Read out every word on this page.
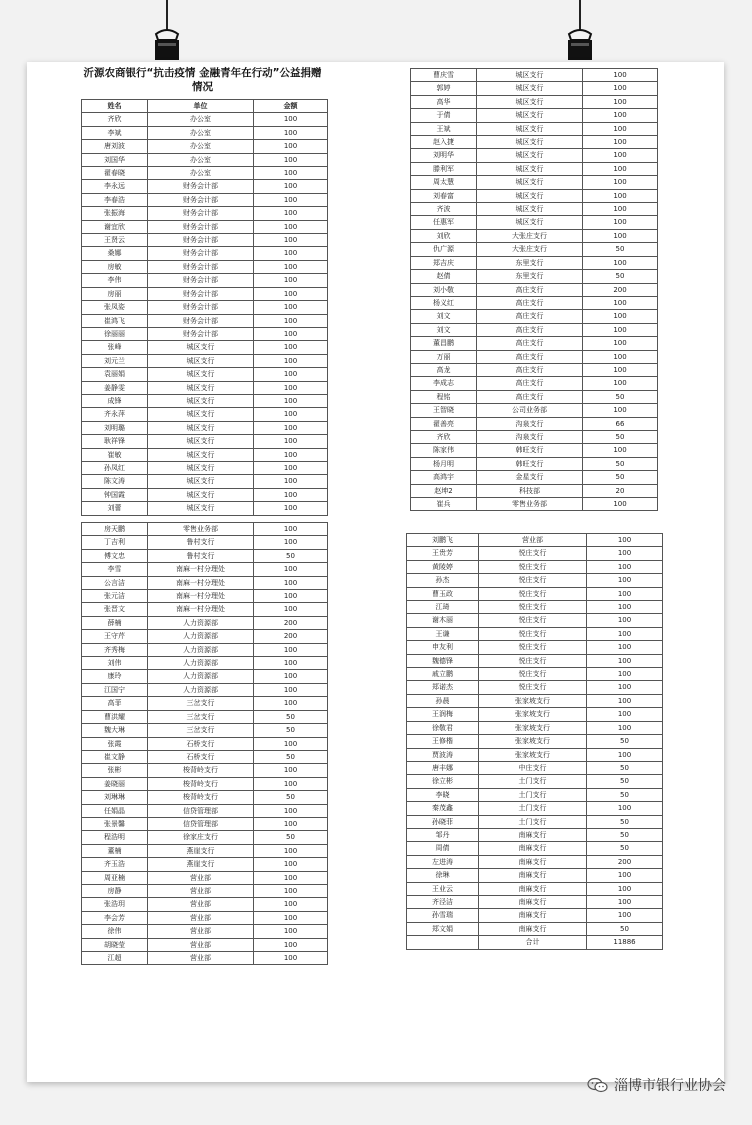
沂源农商银行“抗击疫情 金融青年在行动”公益捐赠情况
姓名	单位	金额
齐欣	办公室	100
李斌	办公室	100
唐刘波	办公室	100
刘国华	办公室	100
翟春晓	办公室	100
李永远	财务会计部	100
李春浩	财务会计部	100
张振海	财务会计部	100
谢宜欣	财务会计部	100
王贤云	财务会计部	100
桑娜	财务会计部	100
房敏	财务会计部	100
李伟	财务会计部	100
房丽	财务会计部	100
张凤姿	财务会计部	100
崔鸿飞	财务会计部	100
徐丽丽	财务会计部	100
张峰	城区支行	100
刘元兰	城区支行	100
袁丽娟	城区支行	100
姜静雯	城区支行	100
成锋	城区支行	100
齐永萍	城区支行	100
刘明璐	城区支行	100
耿祥锋	城区支行	100
崔敏	城区支行	100
孙凤红	城区支行	100
陈文涛	城区支行	100
钟国霞	城区支行	100
刘蕾	城区支行	100
曹庆雪	城区支行	100
郭婷	城区支行	100
高华	城区支行	100
于倩	城区支行	100
王斌	城区支行	100
赵入捷	城区支行	100
刘明华	城区支行	100
滕利军	城区支行	100
周太慧	城区支行	100
刘春富	城区支行	100
齐波	城区支行	100
任惠军	城区支行	100
刘欣	大张庄支行	100
仇广源	大张庄支行	50
郑吉庆	东里支行	100
赵倩	东里支行	50
刘小敬	高庄支行	200
杨义红	高庄支行	100
刘文	高庄支行	100
刘文	高庄支行	100
董昌鹏	高庄支行	100
万丽	高庄支行	100
高龙	高庄支行	100
李成志	高庄支行	100
程铭	高庄支行	50
王智晓	公司业务部	100
翟善亮	沟泉支行	66
齐欣	沟泉支行	50
陈家伟	韩旺支行	100
杨月明	韩旺支行	50
高鸿宇	金星支行	50
赵坤2	科技部	20
崔兵	零售业务部	100
房天鹏	零售业务部	100
丁吉利	鲁村支行	100
傅文忠	鲁村支行	50
李雪	南麻一村分理处	100
公言洁	南麻一村分理处	100
张元洁	南麻一村分理处	100
张晋文	南麻一村分理处	100
薛楠	人力资源部	200
王守芹	人力资源部	200
齐秀梅	人力资源部	100
刘伟	人力资源部	100
康玲	人力资源部	100
江国宁	人力资源部	100
高菲	三岔支行	100
曹洪耀	三岔支行	50
魏大琳	三岔支行	50
张霞	石桥支行	100
崔文静	石桥支行	50
张彬	梭背岭支行	100
姜晓丽	梭背岭支行	100
刘琳琳	梭背岭支行	50
任娟晶	信贷管理部	100
张景馨	信贷管理部	100
程浩明	徐家庄支行	50
董楠	燕崖支行	100
齐玉浩	燕崖支行	100
周亚楠	营业部	100
房静	营业部	100
张浩玥	营业部	100
李会芳	营业部	100
徐伟	营业部	100
胡晓莹	营业部	100
江超	营业部	100
刘鹏飞	营业部	100
王贵芳	悦庄支行	100
黄陵婷	悦庄支行	100
孙杰	悦庄支行	100
曹玉政	悦庄支行	100
江琦	悦庄支行	100
谢木丽	悦庄支行	100
王谦	悦庄支行	100
申友利	悦庄支行	100
魏德锋	悦庄支行	100
戚立鹏	悦庄支行	100
郑诺杰	悦庄支行	100
孙晨	张家坡支行	100
王润梅	张家坡支行	100
徐敬君	张家坡支行	100
王修楷	张家坡支行	50
贾波涛	张家坡支行	100
唐丰娜	中庄支行	50
徐立彬	土门支行	50
李晓	土门支行	50
秦茂鑫	土门支行	100
孙晓菲	土门支行	50
邹丹	南麻支行	50
周倩	南麻支行	50
左进涛	南麻支行	200
徐琳	南麻支行	100
王业云	南麻支行	100
齐泾洁	南麻支行	100
孙雪瑞	南麻支行	100
郑文娟	南麻支行	50
	合计	11886
淄博市银行业协会
